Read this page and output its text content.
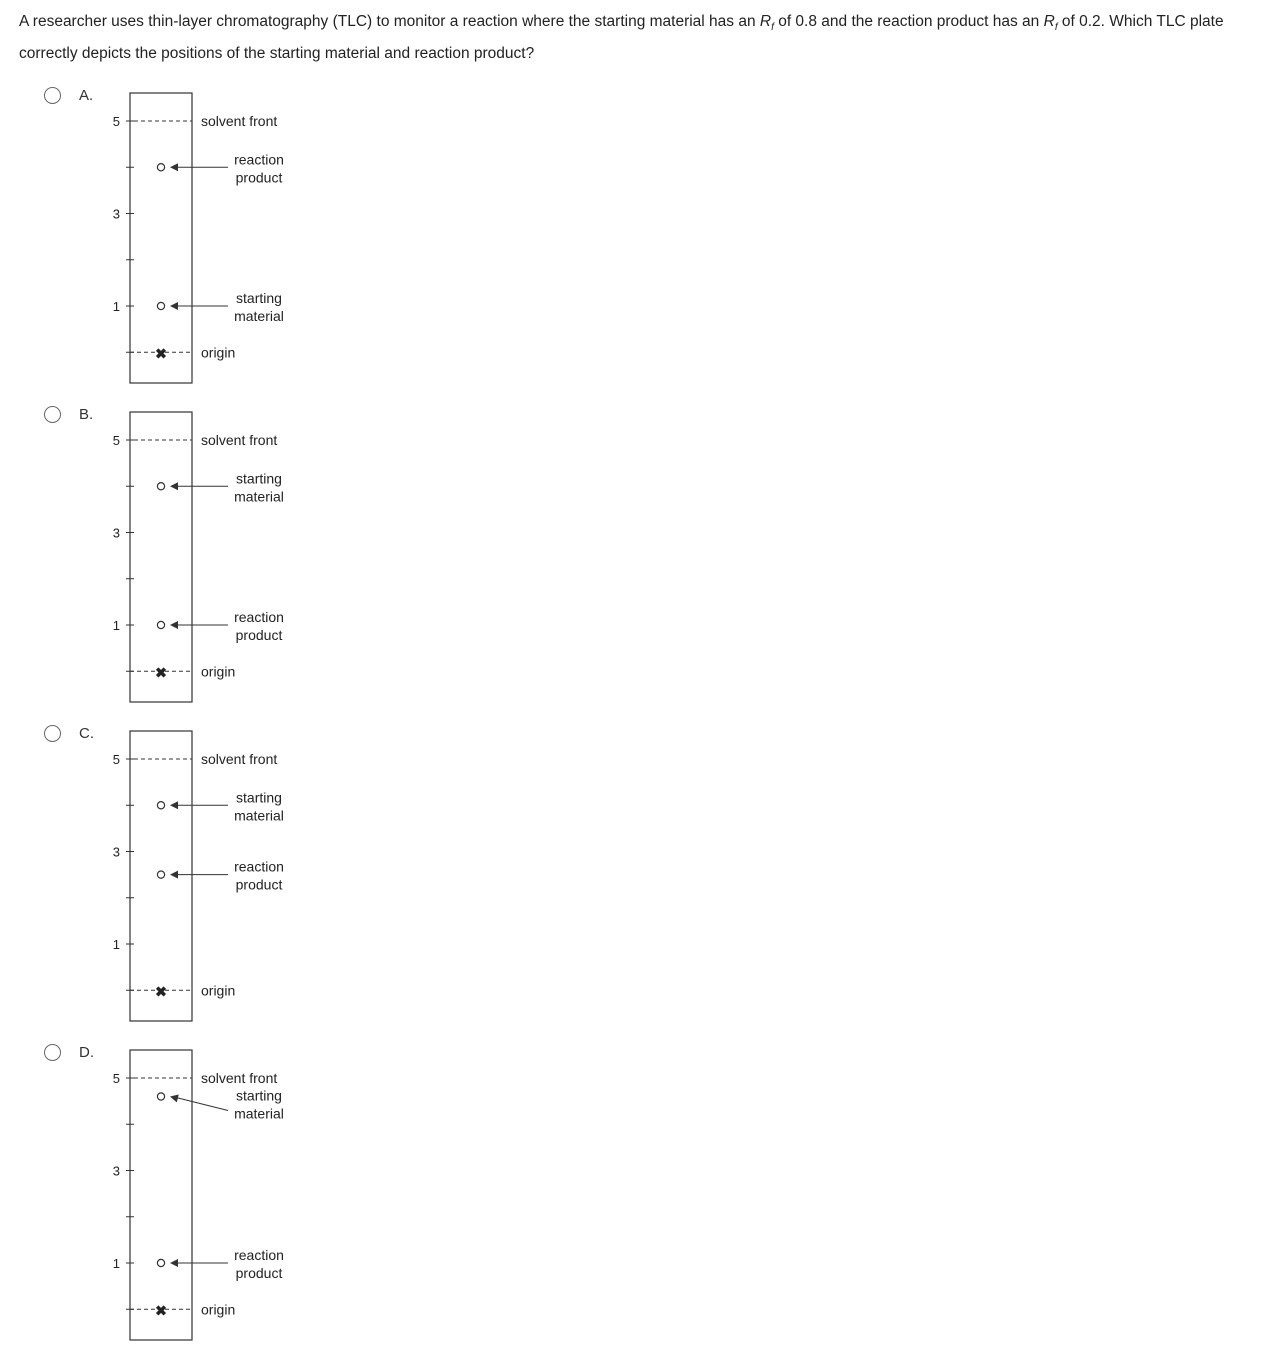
A researcher uses thin-layer chromatography (TLC) to monitor a reaction where the starting material has an $R_f$ of 0.8 and the reaction product has an $R_f$ of 0.2. Which TLC plate correctly depicts the positions of the starting material and reaction product?

A.
5
3
1
solvent front
✖ origin
reaction
product
starting
material
B.
5
3
1
solvent front
✖ origin
starting
material
reaction
product
C.
5
3
1
solvent front
✖ origin
starting
material
reaction
product
D.
5
3
1
solvent front
✖ origin
starting
material
reaction
product
